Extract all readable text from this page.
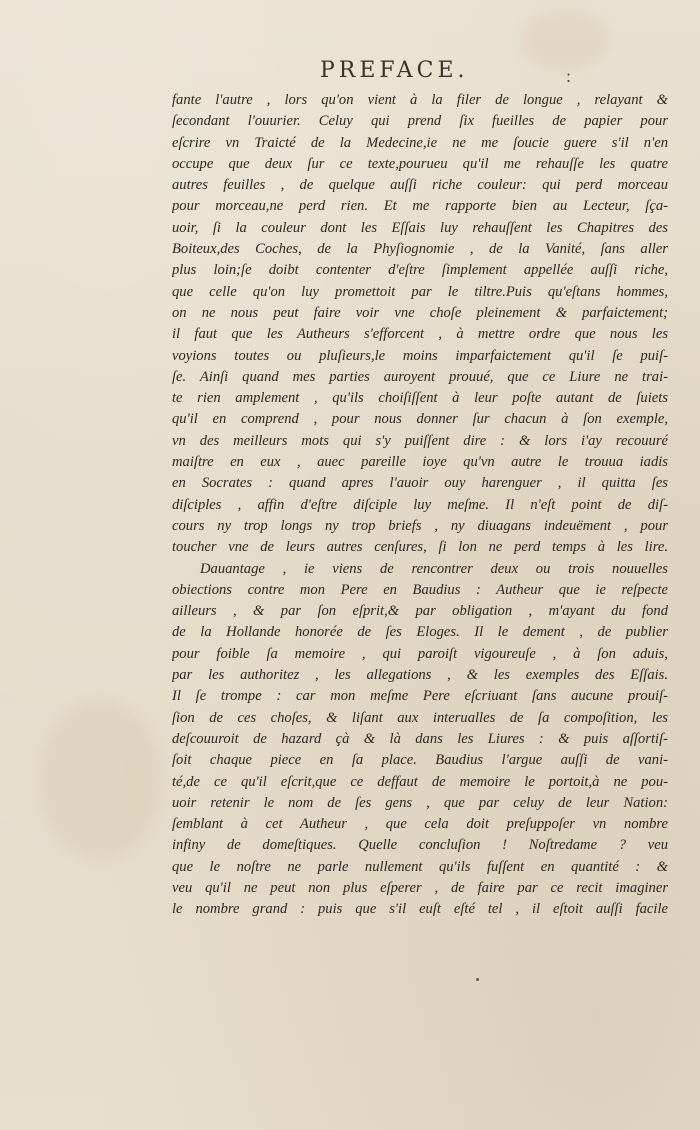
PREFACE.	:
fante l'autre , lors qu'on vient à la filer de longue , relayant &
ſecondant l'ouurier. Celuy qui prend ſix fueilles de papier pour
eſcrire vn Traicté de la Medecine,ie ne me ſoucie guere s'il n'en
occupe que deux ſur ce texte,pourueu qu'il me rehauſſe les quatre
autres feuilles , de quelque auſſi riche couleur: qui perd morceau
pour morceau,ne perd rien. Et me rapporte bien au Lecteur, ſça-
uoir, ſi la couleur dont les Eſſais luy rehauſſent les Chapitres des
Boiteux,des Coches, de la Phyſiognomie , de la Vanité, ſans aller
plus loin;ſe doibt contenter d'eſtre ſimplement appellée auſſi riche,
que celle qu'on luy promettoit par le tiltre.Puis qu'eſtans hommes,
on ne nous peut faire voir vne choſe pleinement & parfaictement;
il faut que les Autheurs s'efforcent , à mettre ordre que nous les
voyions toutes ou pluſieurs,le moins imparfaictement qu'il ſe puiſ-
ſe. Ainſi quand mes parties auroyent prouué, que ce Liure ne trai-
te rien amplement , qu'ils choiſiſſent à leur poſte autant de ſuiets
qu'il en comprend , pour nous donner ſur chacun à ſon exemple,
vn des meilleurs mots qui s'y puiſſent dire : & lors i'ay recouuré
maiſtre en eux , auec pareille ioye qu'vn autre le trouua iadis
en Socrates : quand apres l'auoir ouy harenguer , il quitta ſes
diſciples , affin d'eſtre diſciple luy meſme. Il n'eſt point de diſ-
cours ny trop longs ny trop briefs , ny diuagans indeuëment , pour
toucher vne de leurs autres cenſures, ſi lon ne perd temps à les lire.
Dauantage , ie viens de rencontrer deux ou trois nouuelles
obiections contre mon Pere en Baudius : Autheur que ie reſpecte
ailleurs , & par ſon eſprit,& par obligation , m'ayant du fond
de la Hollande honorée de ſes Eloges. Il le dement , de publier
pour foible ſa memoire , qui paroiſt vigoureuſe , à ſon aduis,
par les authoritez , les allegations , & les exemples des Eſſais.
Il ſe trompe : car mon meſme Pere eſcriuant ſans aucune prouiſ-
ſion de ces choſes, & liſant aux interualles de ſa compoſition, les
deſcouuroit de hazard çà & là dans les Liures : & puis aſſortiſ-
ſoit chaque piece en ſa place. Baudius l'argue auſſi de vani-
té,de ce qu'il eſcrit,que ce deffaut de memoire le portoit,à ne pou-
uoir retenir le nom de ſes gens , que par celuy de leur Nation:
ſemblant à cet Autheur , que cela doit preſuppoſer vn nombre
infiny de domeſtiques. Quelle concluſion ! Noſtredame ? veu
que le noſtre ne parle nullement qu'ils fuſſent en quantité : &
veu qu'il ne peut non plus eſperer , de faire par ce recit imaginer
le nombre grand : puis que s'il euſt eſté tel , il eſtoit auſſi facile
